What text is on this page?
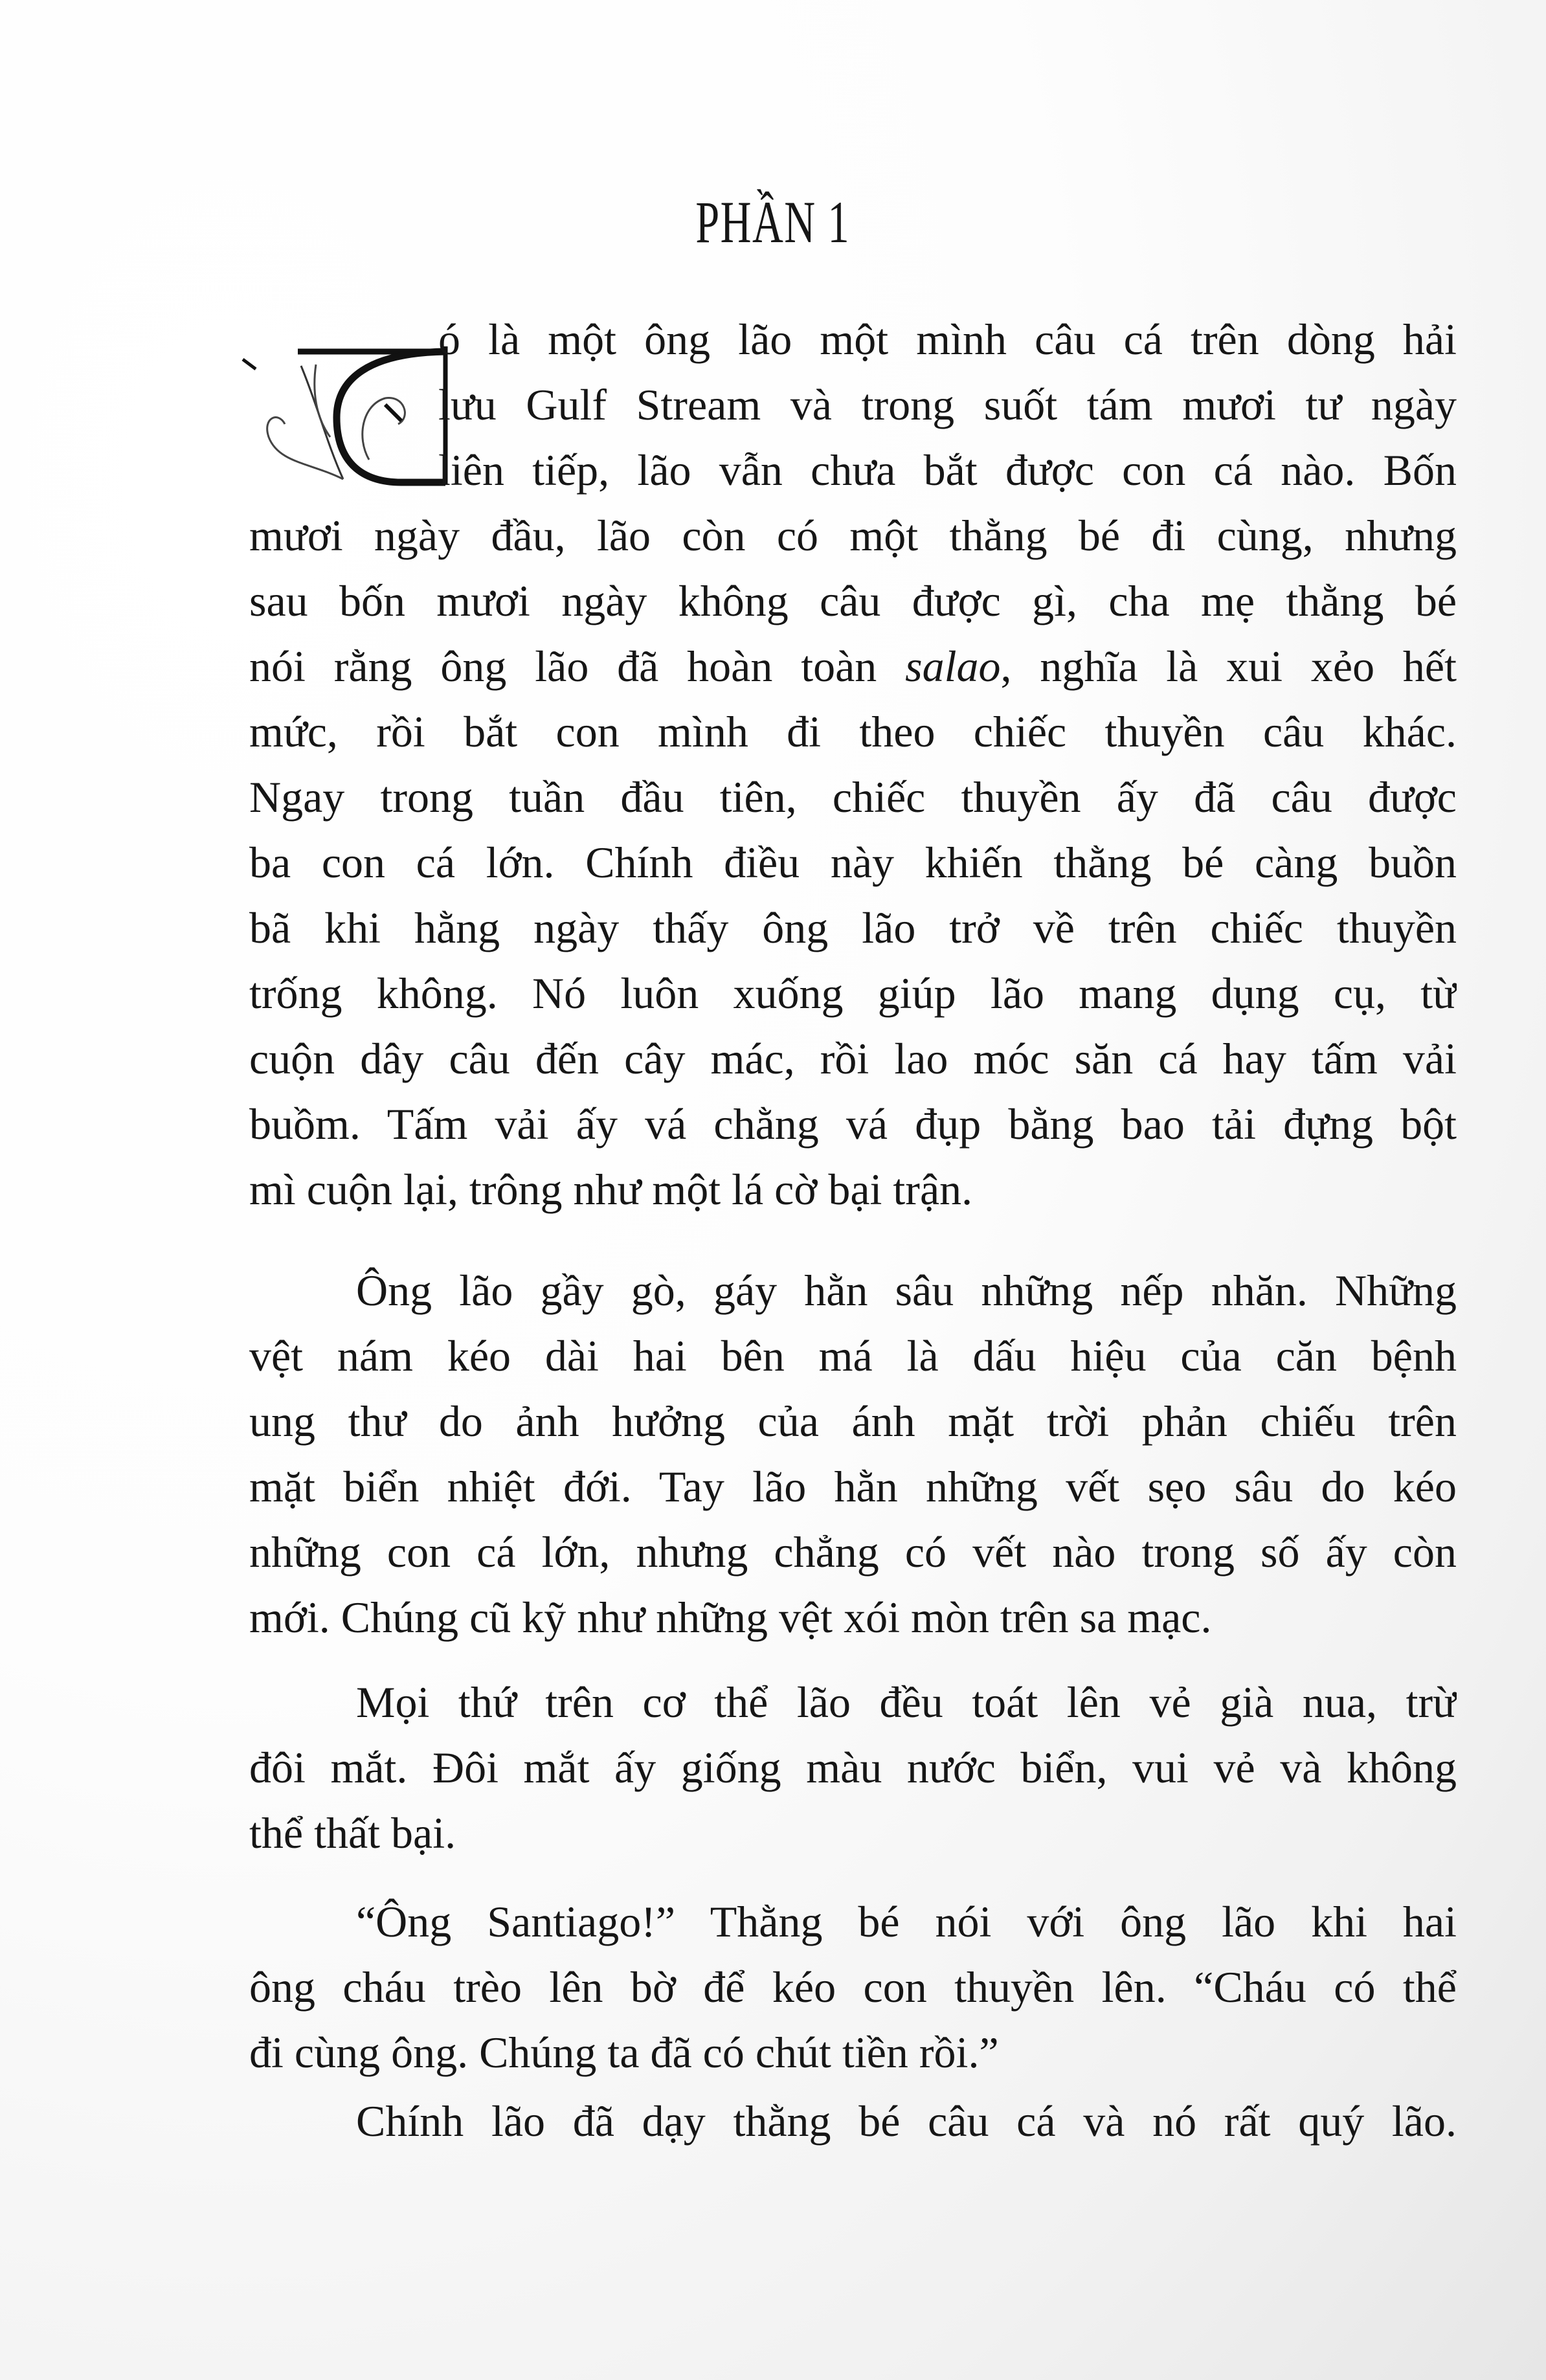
PHẦN 1
ó là một ông lão một mình câu cá trên dòng hải
lưu Gulf Stream và trong suốt tám mươi tư ngày
liên tiếp, lão vẫn chưa bắt được con cá nào. Bốn
mươi ngày đầu, lão còn có một thằng bé đi cùng, nhưng
sau bốn mươi ngày không câu được gì, cha mẹ thằng bé
nói rằng ông lão đã hoàn toàn salao, nghĩa là xui xẻo hết
mức, rồi bắt con mình đi theo chiếc thuyền câu khác.
Ngay trong tuần đầu tiên, chiếc thuyền ấy đã câu được
ba con cá lớn. Chính điều này khiến thằng bé càng buồn
bã khi hằng ngày thấy ông lão trở về trên chiếc thuyền
trống không. Nó luôn xuống giúp lão mang dụng cụ, từ
cuộn dây câu đến cây mác, rồi lao móc săn cá hay tấm vải
buồm. Tấm vải ấy vá chằng vá đụp bằng bao tải đựng bột
mì cuộn lại, trông như một lá cờ bại trận.
Ông lão gầy gò, gáy hằn sâu những nếp nhăn. Những
vệt nám kéo dài hai bên má là dấu hiệu của căn bệnh
ung thư do ảnh hưởng của ánh mặt trời phản chiếu trên
mặt biển nhiệt đới. Tay lão hằn những vết sẹo sâu do kéo
những con cá lớn, nhưng chẳng có vết nào trong số ấy còn
mới. Chúng cũ kỹ như những vệt xói mòn trên sa mạc.
Mọi thứ trên cơ thể lão đều toát lên vẻ già nua, trừ
đôi mắt. Đôi mắt ấy giống màu nước biển, vui vẻ và không
thể thất bại.
“Ông Santiago!” Thằng bé nói với ông lão khi hai
ông cháu trèo lên bờ để kéo con thuyền lên. “Cháu có thể
đi cùng ông. Chúng ta đã có chút tiền rồi.”
Chính lão đã dạy thằng bé câu cá và nó rất quý lão.
